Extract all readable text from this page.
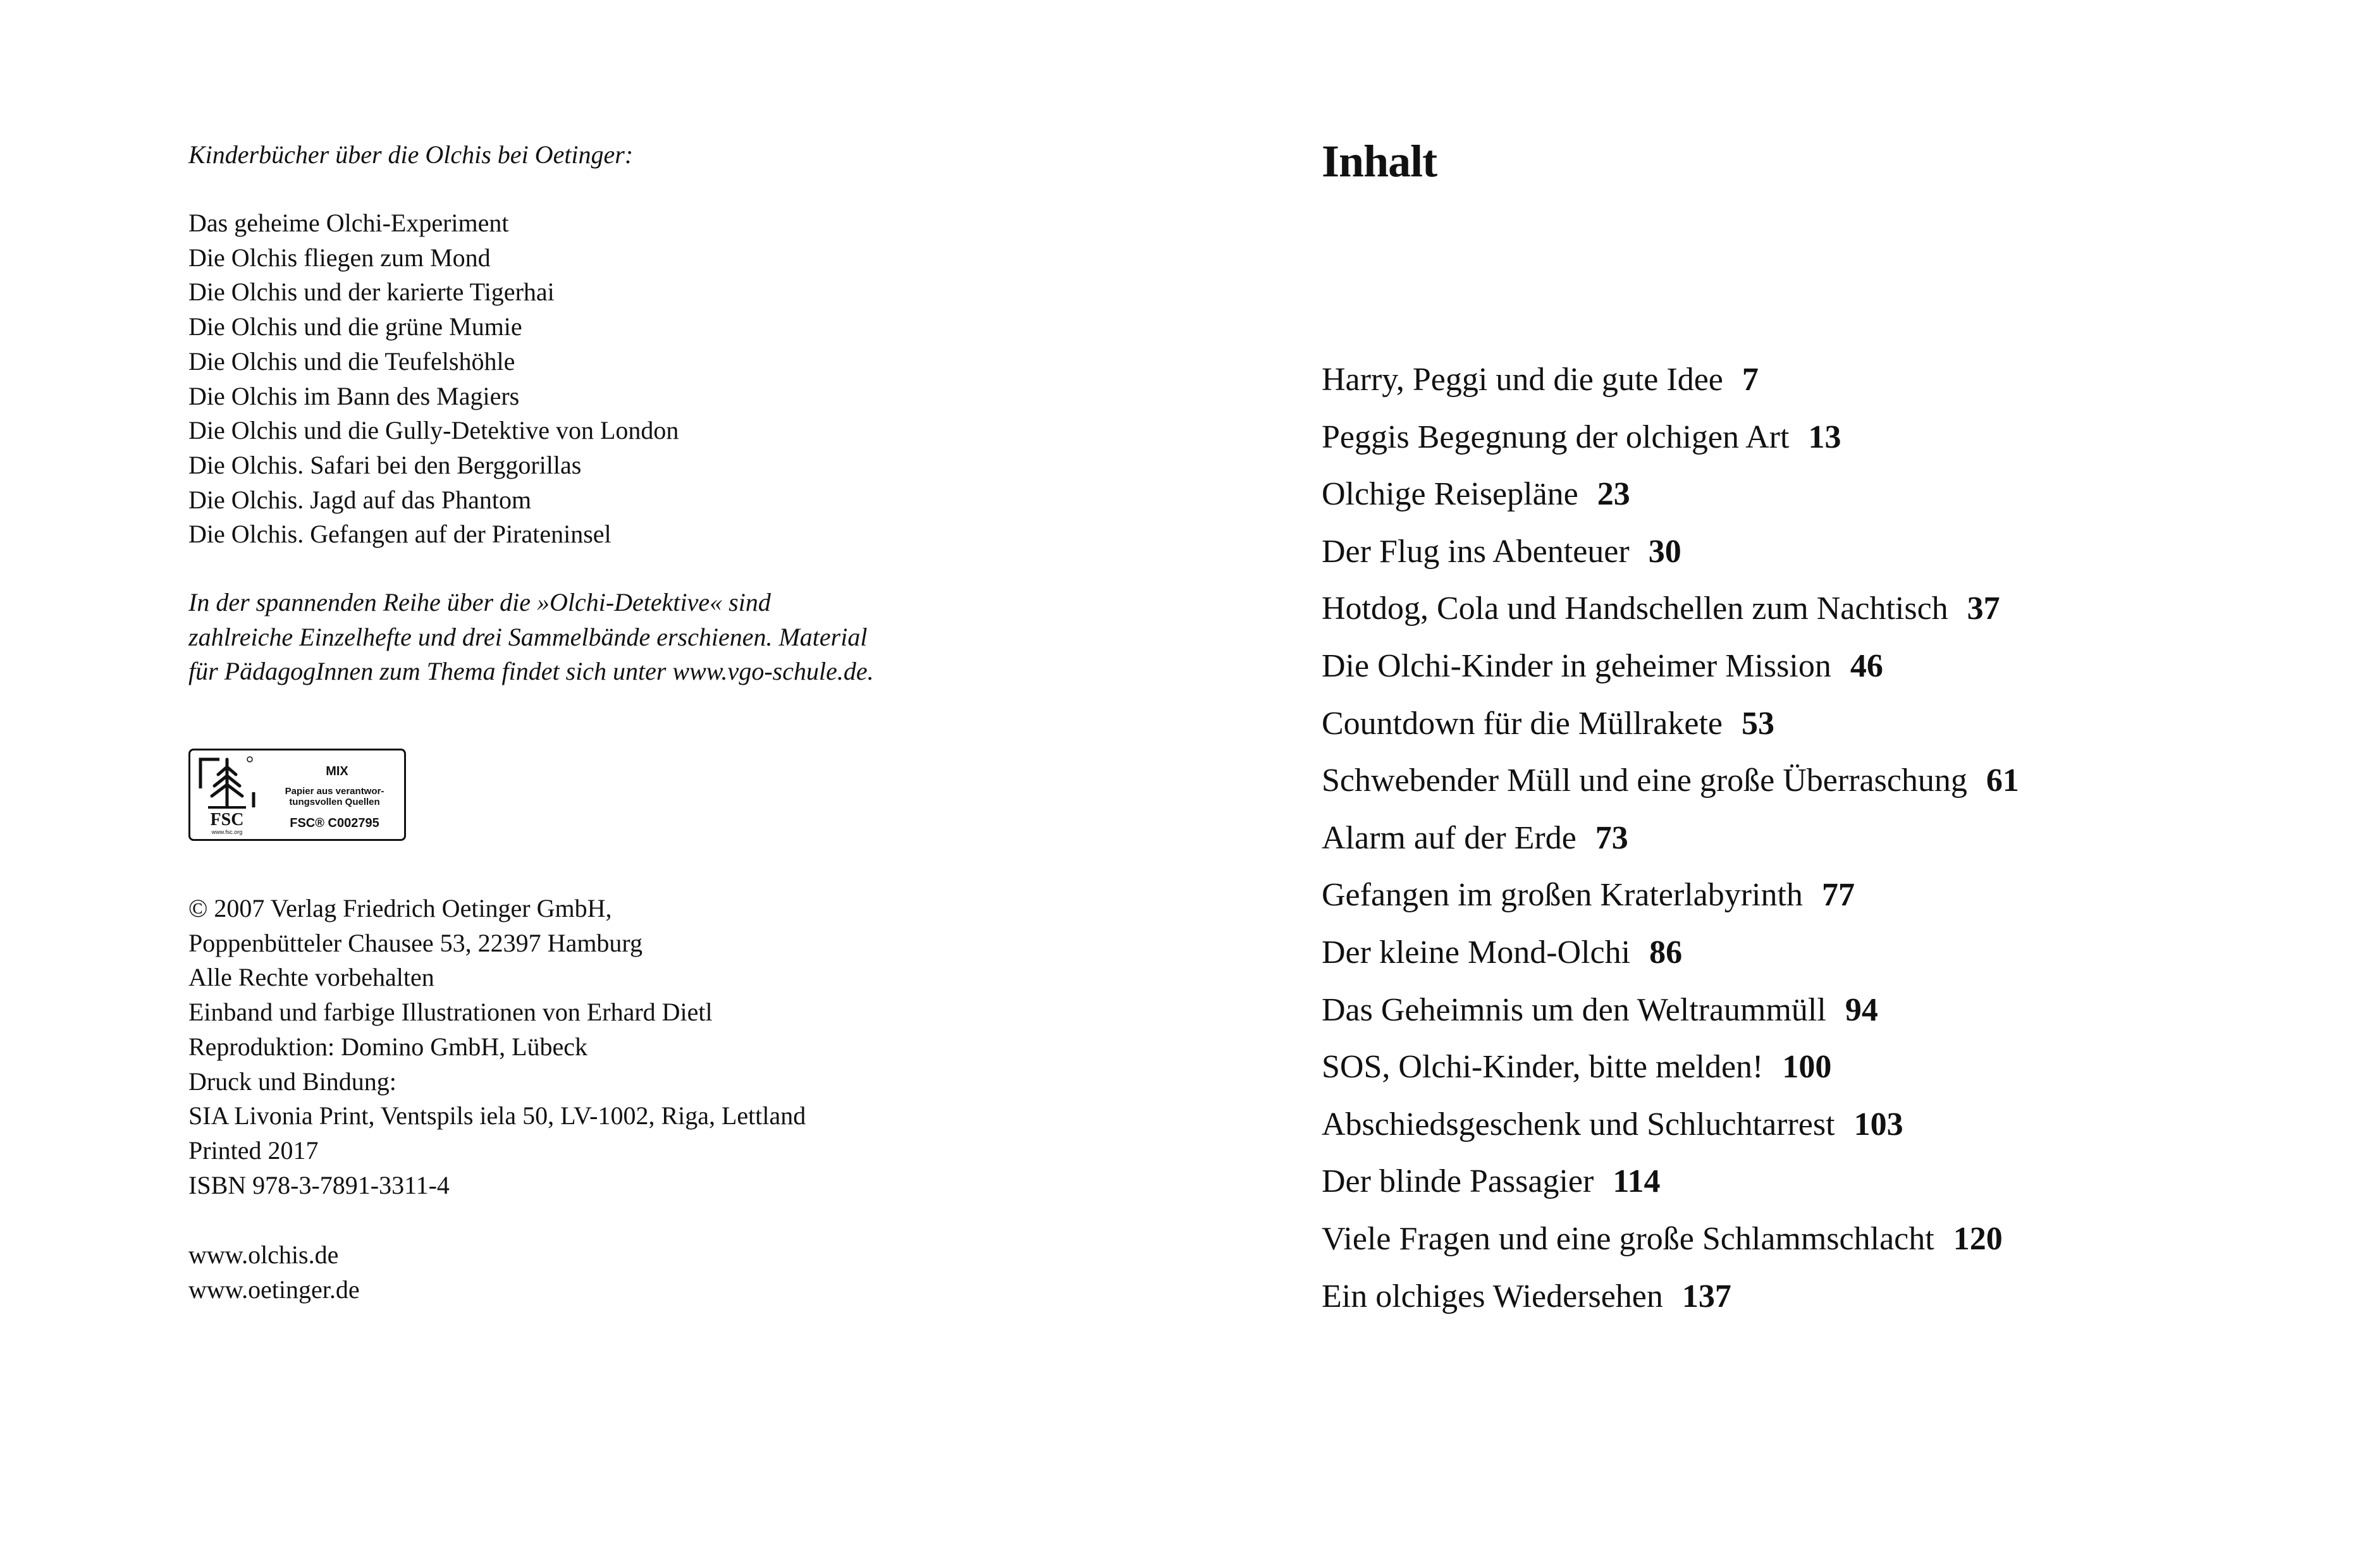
Kinderbücher über die Olchis bei Oetinger:
Das geheime Olchi-Experiment
Die Olchis fliegen zum Mond
Die Olchis und der karierte Tigerhai
Die Olchis und die grüne Mumie
Die Olchis und die Teufelshöhle
Die Olchis im Bann des Magiers
Die Olchis und die Gully-Detektive von London
Die Olchis. Safari bei den Berggorillas
Die Olchis. Jagd auf das Phantom
Die Olchis. Gefangen auf der Pirateninsel

In der spannenden Reihe über die »Olchi-Detektive« sind
zahlreiche Einzelhefte und drei Sammelbände erschienen. Material
für PädagogInnen zum Thema findet sich unter www.vgo-schule.de.

FSC
www.fsc.org
MIX
Papier aus verantwor-
tungsvollen Quellen
FSC® C002795
© 2007 Verlag Friedrich Oetinger GmbH,
Poppenbütteler Chausee 53, 22397 Hamburg
Alle Rechte vorbehalten
Einband und farbige Illustrationen von Erhard Dietl
Reproduktion: Domino GmbH, Lübeck
Druck und Bindung:
SIA Livonia Print, Ventspils iela 50, LV-1002, Riga, Lettland
Printed 2017
ISBN 978-3-7891-3311-4
www.olchis.de
www.oetinger.de
Inhalt
Harry, Peggi und die gute Idee 7
Peggis Begegnung der olchigen Art 13
Olchige Reisepläne 23
Der Flug ins Abenteuer 30
Hotdog, Cola und Handschellen zum Nachtisch 37
Die Olchi-Kinder in geheimer Mission 46
Countdown für die Müllrakete 53
Schwebender Müll und eine große Überraschung 61
Alarm auf der Erde 73
Gefangen im großen Kraterlabyrinth 77
Der kleine Mond-Olchi 86
Das Geheimnis um den Weltraummüll 94
SOS, Olchi-Kinder, bitte melden! 100
Abschiedsgeschenk und Schluchtarrest 103
Der blinde Passagier 114
Viele Fragen und eine große Schlammschlacht 120
Ein olchiges Wiedersehen 137
